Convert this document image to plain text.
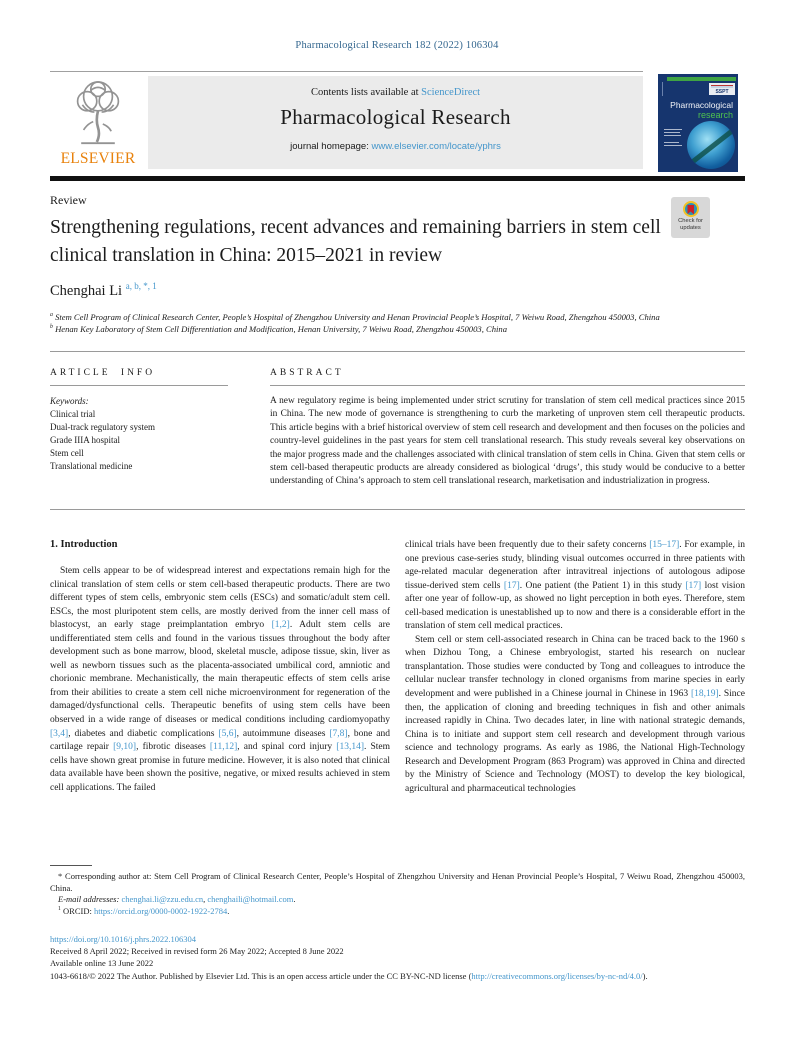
Pharmacological Research 182 (2022) 106304
ELSEVIER
Contents lists available at ScienceDirect
Pharmacological Research
journal homepage: www.elsevier.com/locate/yphrs
SSPT
Pharmacological
research
Review
Check for updates
Strengthening regulations, recent advances and remaining barriers in stem cell clinical translation in China: 2015–2021 in review
Chenghai Li $^{a, b, *, 1}$

$^a$ Stem Cell Program of Clinical Research Center, People’s Hospital of Zhengzhou University and Henan Provincial People’s Hospital, 7 Weiwu Road, Zhengzhou 450003, China

$^b$ Henan Key Laboratory of Stem Cell Differentiation and Modification, Henan University, 7 Weiwu Road, Zhengzhou 450003, China

ARTICLE INFO
Keywords:
Clinical trial
Dual-track regulatory system
Grade IIIA hospital
Stem cell
Translational medicine
ABSTRACT
A new regulatory regime is being implemented under strict scrutiny for translation of stem cell medical practices since 2015 in China. The new mode of governance is strengthening to curb the marketing of unproven stem cell therapeutic products. This article begins with a brief historical overview of stem cell research and development and then focuses on the policies and country-level guidelines in the past years for stem cell translational research. This study reveals several key observations on the major progress made and the challenges associated with clinical translation of stem cells in China. Given that stem cells or stem cell-based therapeutic products are already considered as biological ‘drugs’, this study would be conducive to a better understanding of China’s approach to stem cell translational research, marketisation and industrialization in progress.
1. Introduction

Stem cells appear to be of widespread interest and expectations remain high for the clinical translation of stem cells or stem cell-based therapeutic products. There are two different types of stem cells, embryonic stem cells (ESCs) and somatic/adult stem cell. ESCs, the most pluripotent stem cells, are mostly derived from the inner cell mass of blastocyst, an early stage preimplantation embryo [1,2]. Adult stem cells are undifferentiated stem cells and found in the various tissues throughout the body after development such as bone marrow, blood, skeletal muscle, adipose tissue, skin, liver as well as newborn tissues such as the placenta-associated umbilical cord, amniotic and chorionic membrane. Mechanistically, the main therapeutic effects of stem cells arise from their abilities to create a stem cell niche microenvironment for regeneration of the damaged/dysfunctional cells. Therapeutic benefits of using stem cells have been observed in a wide range of diseases or medical conditions including cardiomyopathy [3,4], diabetes and diabetic complications [5,6], autoimmune diseases [7,8], bone and cartilage repair [9,10], fibrotic diseases [11,12], and spinal cord injury [13,14]. Stem cells have shown great promise in future medicine. However, it is also noted that clinical data available have been shown the positive, negative, or mixed results achieved in stem cell applications. The failed

clinical trials have been frequently due to their safety concerns [15–17]. For example, in one previous case-series study, blinding visual outcomes occurred in three patients with age-related macular degeneration after intravitreal injections of autologous adipose tissue-derived stem cells [17]. One patient (the Patient 1) in this study [17] lost vision after one year of follow-up, as showed no light perception in both eyes. Therefore, stem cell-based medication is unestablished up to now and there is a considerable effort in the translation of stem cell medical practices.

Stem cell or stem cell-associated research in China can be traced back to the 1960 s when Dizhou Tong, a Chinese embryologist, started his research on nuclear transplantation. Those studies were conducted by Tong and colleagues to introduce the cellular nuclear transfer technology in cloned organisms from marine species in early development and were published in a Chinese journal in Chinese in 1963 [18,19]. Since then, the application of cloning and breeding techniques in fish and other animals increased rapidly in China. Two decades later, in line with national strategic demands, China is to initiate and support stem cell research and development through various science and technology programs. As early as 1986, the National High-Technology Research and Development Program (863 Program) was approved in China and directed by the Ministry of Science and Technology (MOST) to develop the key biological, agricultural and pharmaceutical technologies

* Corresponding author at: Stem Cell Program of Clinical Research Center, People’s Hospital of Zhengzhou University and Henan Provincial People’s Hospital, 7 Weiwu Road, Zhengzhou 450003, China.

E-mail addresses: chenghai.li@zzu.edu.cn, chenghaili@hotmail.com.

$^1$ ORCID: https://orcid.org/0000-0002-1922-2784.

https://doi.org/10.1016/j.phrs.2022.106304

Received 8 April 2022; Received in revised form 26 May 2022; Accepted 8 June 2022

Available online 13 June 2022

1043-6618/© 2022 The Author. Published by Elsevier Ltd. This is an open access article under the CC BY-NC-ND license (http://creativecommons.org/licenses/by-nc-nd/4.0/).
